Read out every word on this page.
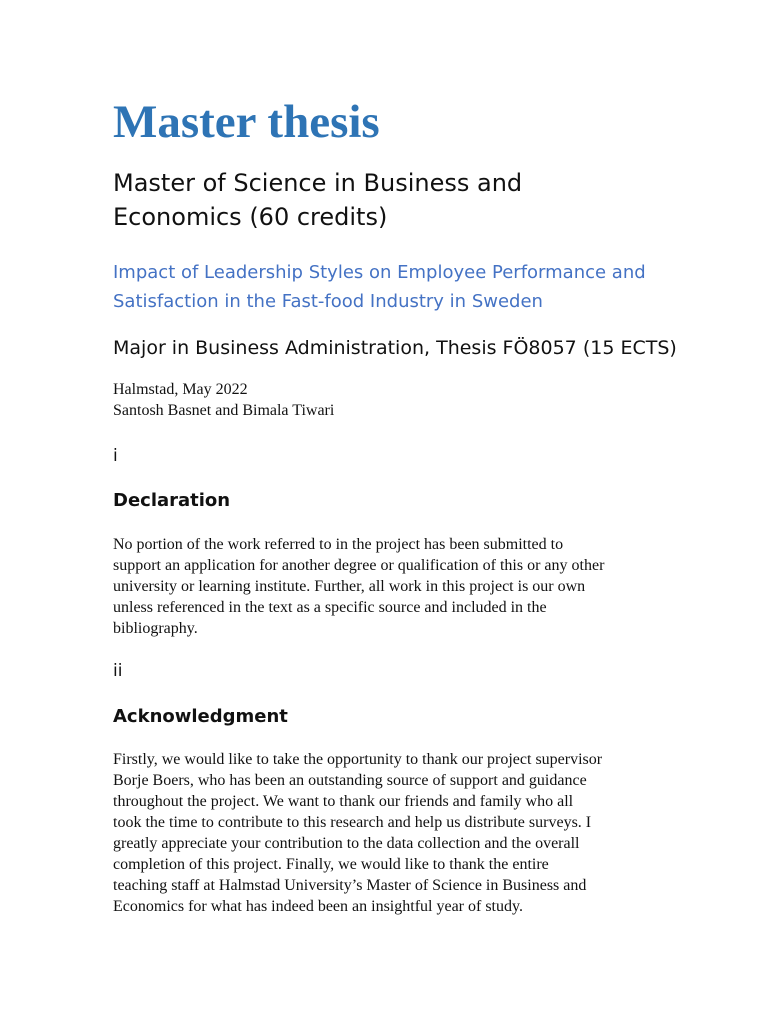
Master thesis
Master of Science in Business and
Economics (60 credits)
Impact of Leadership Styles on Employee Performance and
Satisfaction in the Fast-food Industry in Sweden
Major in Business Administration, Thesis FÖ8057 (15 ECTS)
Halmstad, May 2022
Santosh Basnet and Bimala Tiwari
i
Declaration
No portion of the work referred to in the project has been submitted to
support an application for another degree or qualification of this or any other
university or learning institute. Further, all work in this project is our own
unless referenced in the text as a specific source and included in the
bibliography.
ii
Acknowledgment
Firstly, we would like to take the opportunity to thank our project supervisor
Borje Boers, who has been an outstanding source of support and guidance
throughout the project. We want to thank our friends and family who all
took the time to contribute to this research and help us distribute surveys. I
greatly appreciate your contribution to the data collection and the overall
completion of this project. Finally, we would like to thank the entire
teaching staff at Halmstad University’s Master of Science in Business and
Economics for what has indeed been an insightful year of study.
